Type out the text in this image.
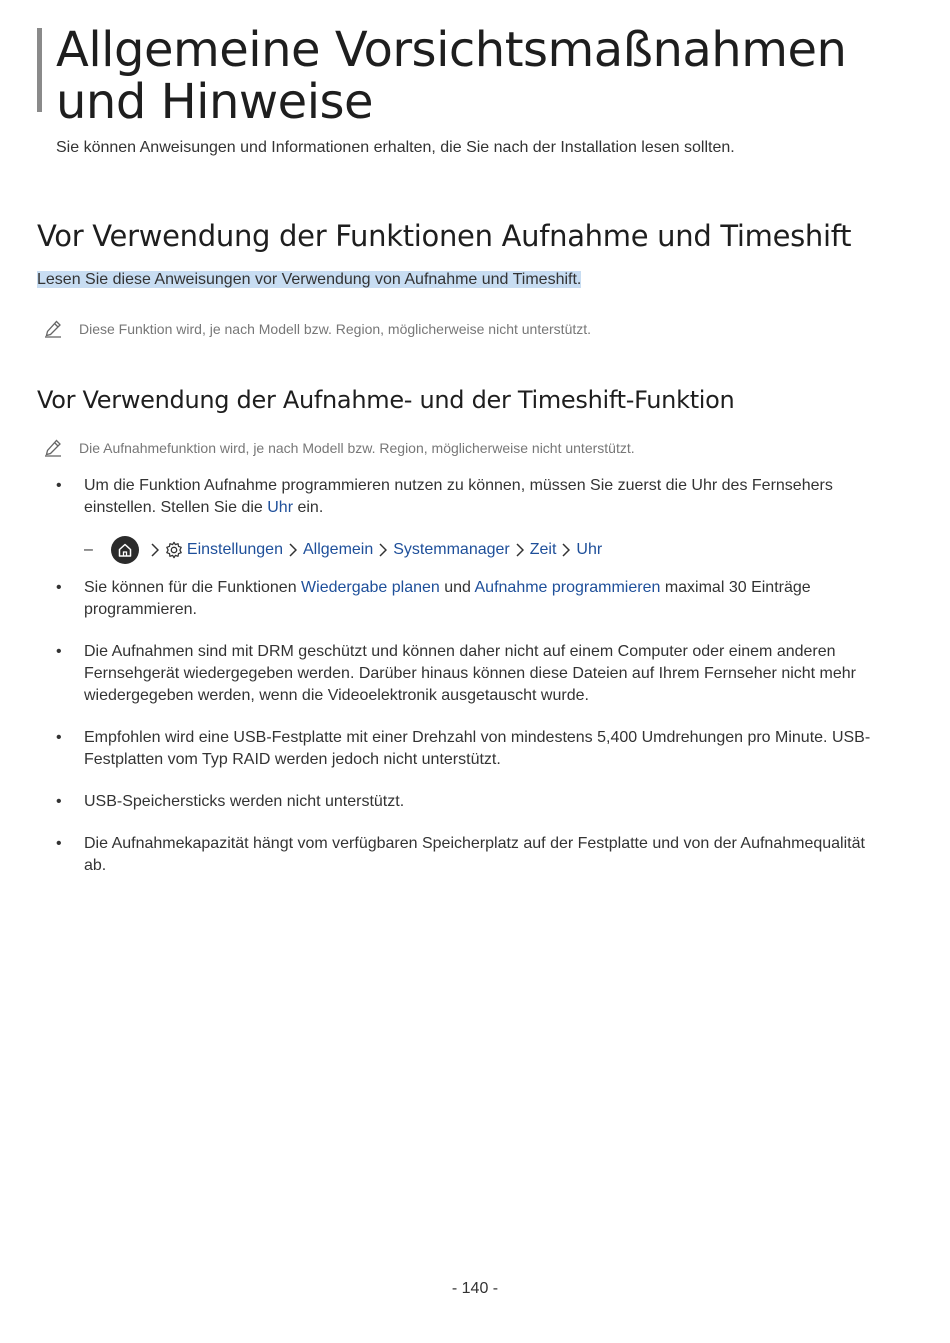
Allgemeine Vorsichtsmaßnahmen und Hinweise
Sie können Anweisungen und Informationen erhalten, die Sie nach der Installation lesen sollten.
Vor Verwendung der Funktionen Aufnahme und Timeshift
Lesen Sie diese Anweisungen vor Verwendung von Aufnahme und Timeshift.
Diese Funktion wird, je nach Modell bzw. Region, möglicherweise nicht unterstützt.
Vor Verwendung der Aufnahme- und der Timeshift-Funktion
Die Aufnahmefunktion wird, je nach Modell bzw. Region, möglicherweise nicht unterstützt.
• Um die Funktion Aufnahme programmieren nutzen zu können, müssen Sie zuerst die Uhr des Fernsehers einstellen. Stellen Sie die Uhr ein.
–	Einstellungen Allgemein Systemmanager Zeit Uhr
• Sie können für die Funktionen Wiedergabe planen und Aufnahme programmieren maximal 30 Einträge programmieren.
• Die Aufnahmen sind mit DRM geschützt und können daher nicht auf einem Computer oder einem anderen Fernsehgerät wiedergegeben werden. Darüber hinaus können diese Dateien auf Ihrem Fernseher nicht mehr wiedergegeben werden, wenn die Videoelektronik ausgetauscht wurde.
• Empfohlen wird eine USB-Festplatte mit einer Drehzahl von mindestens 5,400 Umdrehungen pro Minute. USB-Festplatten vom Typ RAID werden jedoch nicht unterstützt.
• USB-Speichersticks werden nicht unterstützt.
• Die Aufnahmekapazität hängt vom verfügbaren Speicherplatz auf der Festplatte und von der Aufnahmequalität ab.
- 140 -
